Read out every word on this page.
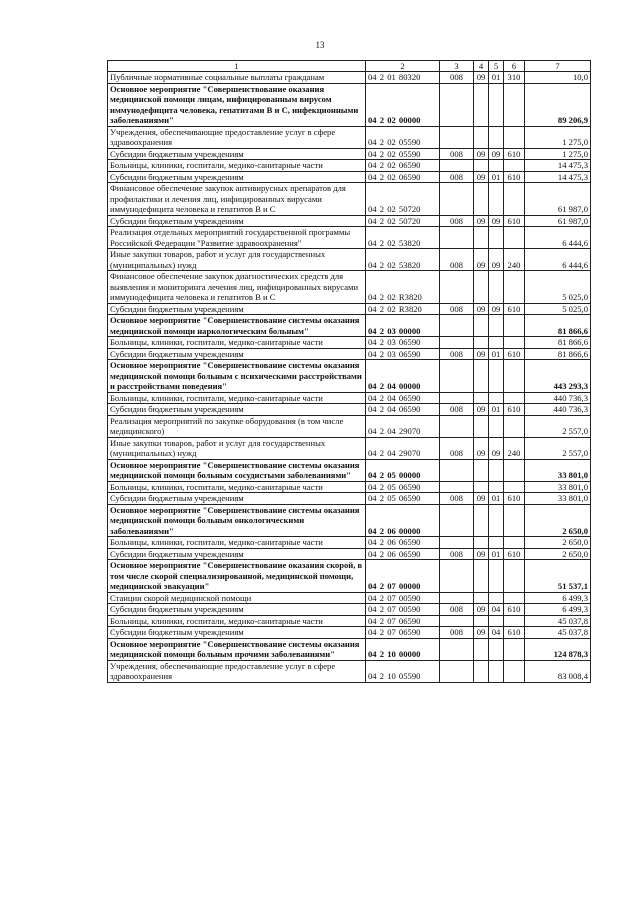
13
1	2	3	4	5	6	7
Публичные нормативные социальные выплаты гражданам	04 2 01 80320	008	09	01	310	10,0
Основное мероприятие "Совершенствование оказания медицинской помощи лицам, инфицированным вирусом иммунодефицита человека, гепатитами В и С, инфекционными заболеваниями"	04 2 02 00000					89 206,9
Учреждения, обеспечивающие предоставление услуг в сфере здравоохранения	04 2 02 05590					1 275,0
Субсидии бюджетным учреждениям	04 2 02 05590	008	09	09	610	1 275,0
Больницы, клиники, госпитали, медико-санитарные части	04 2 02 06590					14 475,3
Субсидии бюджетным учреждениям	04 2 02 06590	008	09	01	610	14 475,3
Финансовое обеспечение закупок антивирусных препаратов для профилактики и лечения лиц, инфицированных вирусами иммунодефицита человека и гепатитов В и С	04 2 02 50720					61 987,0
Субсидии бюджетным учреждениям	04 2 02 50720	008	09	09	610	61 987,0
Реализация отдельных мероприятий государственной программы Российской Федерации "Развитие здравоохранения"	04 2 02 53820					6 444,6
Иные закупки товаров, работ и услуг для государственных (муниципальных) нужд	04 2 02 53820	008	09	09	240	6 444,6
Финансовое обеспечение закупок диагностических средств для выявления и мониторинга лечения лиц, инфицированных вирусами иммунодефицита человека и гепатитов В и С	04 2 02 R3820					5 025,0
Субсидии бюджетным учреждениям	04 2 02 R3820	008	09	09	610	5 025,0
Основное мероприятие "Совершенствование системы оказания медицинской помощи наркологическим больным"	04 2 03 00000					81 866,6
Больницы, клиники, госпитали, медико-санитарные части	04 2 03 06590					81 866,6
Субсидии бюджетным учреждениям	04 2 03 06590	008	09	01	610	81 866,6
Основное мероприятие "Совершенствование системы оказания медицинской помощи больным с психическими расстройствами и расстройствами поведения"	04 2 04 00000					443 293,3
Больницы, клиники, госпитали, медико-санитарные части	04 2 04 06590					440 736,3
Субсидии бюджетным учреждениям	04 2 04 06590	008	09	01	610	440 736,3
Реализация мероприятий по закупке оборудования (в том числе медицинского)	04 2 04 29070					2 557,0
Иные закупки товаров, работ и услуг для государственных (муниципальных) нужд	04 2 04 29070	008	09	09	240	2 557,0
Основное мероприятие "Совершенствование системы оказания медицинской помощи больным сосудистыми заболеваниями"	04 2 05 00000					33 801,0
Больницы, клиники, госпитали, медико-санитарные части	04 2 05 06590					33 801,0
Субсидии бюджетным учреждениям	04 2 05 06590	008	09	01	610	33 801,0
Основное мероприятие "Совершенствование системы оказания медицинской помощи больным онкологическими заболеваниями"	04 2 06 00000					2 650,0
Больницы, клиники, госпитали, медико-санитарные части	04 2 06 06590					2 650,0
Субсидии бюджетным учреждениям	04 2 06 06590	008	09	01	610	2 650,0
Основное мероприятие "Совершенствование оказания скорой, в том числе скорой специализированной, медицинской помощи, медицинской эвакуации"	04 2 07 00000					51 537,1
Станции скорой медицинской помощи	04 2 07 00590					6 499,3
Субсидии бюджетным учреждениям	04 2 07 00590	008	09	04	610	6 499,3
Больницы, клиники, госпитали, медико-санитарные части	04 2 07 06590					45 037,8
Субсидии бюджетным учреждениям	04 2 07 06590	008	09	04	610	45 037,8
Основное мероприятие "Совершенствование системы оказания медицинской помощи больным прочими заболеваниями"	04 2 10 00000					124 878,3
Учреждения, обеспечивающие предоставление услуг в сфере здравоохранения	04 2 10 05590					83 008,4
